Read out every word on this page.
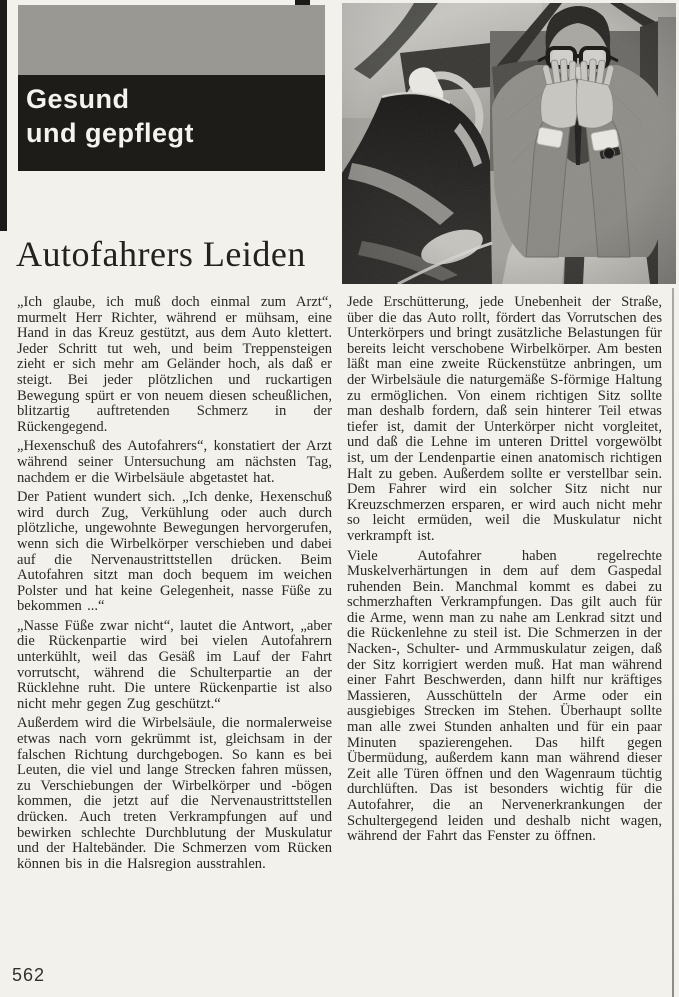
Gesund
und gepflegt
Autofahrers Leiden

„Ich glaube, ich muß doch einmal zum Arzt“, murmelt Herr Richter, während er mühsam, eine Hand in das Kreuz gestützt, aus dem Auto klettert. Jeder Schritt tut weh, und beim Treppensteigen zieht er sich mehr am Geländer hoch, als daß er steigt. Bei jeder plötzlichen und ruckartigen Bewegung spürt er von neuem diesen scheußlichen, blitzartig auftretenden Schmerz in der Rückengegend.

„Hexenschuß des Autofahrers“, konstatiert der Arzt während seiner Untersuchung am nächsten Tag, nachdem er die Wirbelsäule abgetastet hat.

Der Patient wundert sich. „Ich denke, Hexenschuß wird durch Zug, Verkühlung oder auch durch plötzliche, ungewohnte Bewegungen hervorgerufen, wenn sich die Wirbelkörper verschieben und dabei auf die Nervenaustrittstellen drücken. Beim Autofahren sitzt man doch bequem im weichen Polster und hat keine Gelegenheit, nasse Füße zu bekommen ...“

„Nasse Füße zwar nicht“, lautet die Antwort, „aber die Rückenpartie wird bei vielen Autofahrern unterkühlt, weil das Gesäß im Lauf der Fahrt vorrutscht, während die Schulterpartie an der Rücklehne ruht. Die untere Rückenpartie ist also nicht mehr gegen Zug geschützt.“

Außerdem wird die Wirbelsäule, die normalerweise etwas nach vorn gekrümmt ist, gleichsam in der falschen Richtung durchgebogen. So kann es bei Leuten, die viel und lange Strecken fahren müssen, zu Verschiebungen der Wirbelkörper und -bögen kommen, die jetzt auf die Nervenaustrittstellen drücken. Auch treten Verkrampfungen auf und bewirken schlechte Durchblutung der Muskulatur und der Haltebänder. Die Schmerzen vom Rücken können bis in die Halsregion ausstrahlen.

Jede Erschütterung, jede Unebenheit der Straße, über die das Auto rollt, fördert das Vorrutschen des Unterkörpers und bringt zusätzliche Belastungen für bereits leicht verschobene Wirbelkörper. Am besten läßt man eine zweite Rückenstütze anbringen, um der Wirbelsäule die naturgemäße S-förmige Haltung zu ermöglichen. Von einem richtigen Sitz sollte man deshalb fordern, daß sein hinterer Teil etwas tiefer ist, damit der Unterkörper nicht vorgleitet, und daß die Lehne im unteren Drittel vorgewölbt ist, um der Lendenpartie einen anatomisch richtigen Halt zu geben. Außerdem sollte er verstellbar sein. Dem Fahrer wird ein solcher Sitz nicht nur Kreuzschmerzen ersparen, er wird auch nicht mehr so leicht ermüden, weil die Muskulatur nicht verkrampft ist.

Viele Autofahrer haben regelrechte Muskelverhärtungen in dem auf dem Gaspedal ruhenden Bein. Manchmal kommt es dabei zu schmerzhaften Verkrampfungen. Das gilt auch für die Arme, wenn man zu nahe am Lenkrad sitzt und die Rückenlehne zu steil ist. Die Schmerzen in der Nacken-, Schulter- und Armmuskulatur zeigen, daß der Sitz korrigiert werden muß. Hat man während einer Fahrt Beschwerden, dann hilft nur kräftiges Massieren, Ausschütteln der Arme oder ein ausgiebiges Strecken im Stehen. Überhaupt sollte man alle zwei Stunden anhalten und für ein paar Minuten spazierengehen. Das hilft gegen Übermüdung, außerdem kann man während dieser Zeit alle Türen öffnen und den Wagenraum tüchtig durchlüften. Das ist besonders wichtig für die Autofahrer, die an Nervenerkrankungen der Schultergegend leiden und deshalb nicht wagen, während der Fahrt das Fenster zu öffnen.

562
